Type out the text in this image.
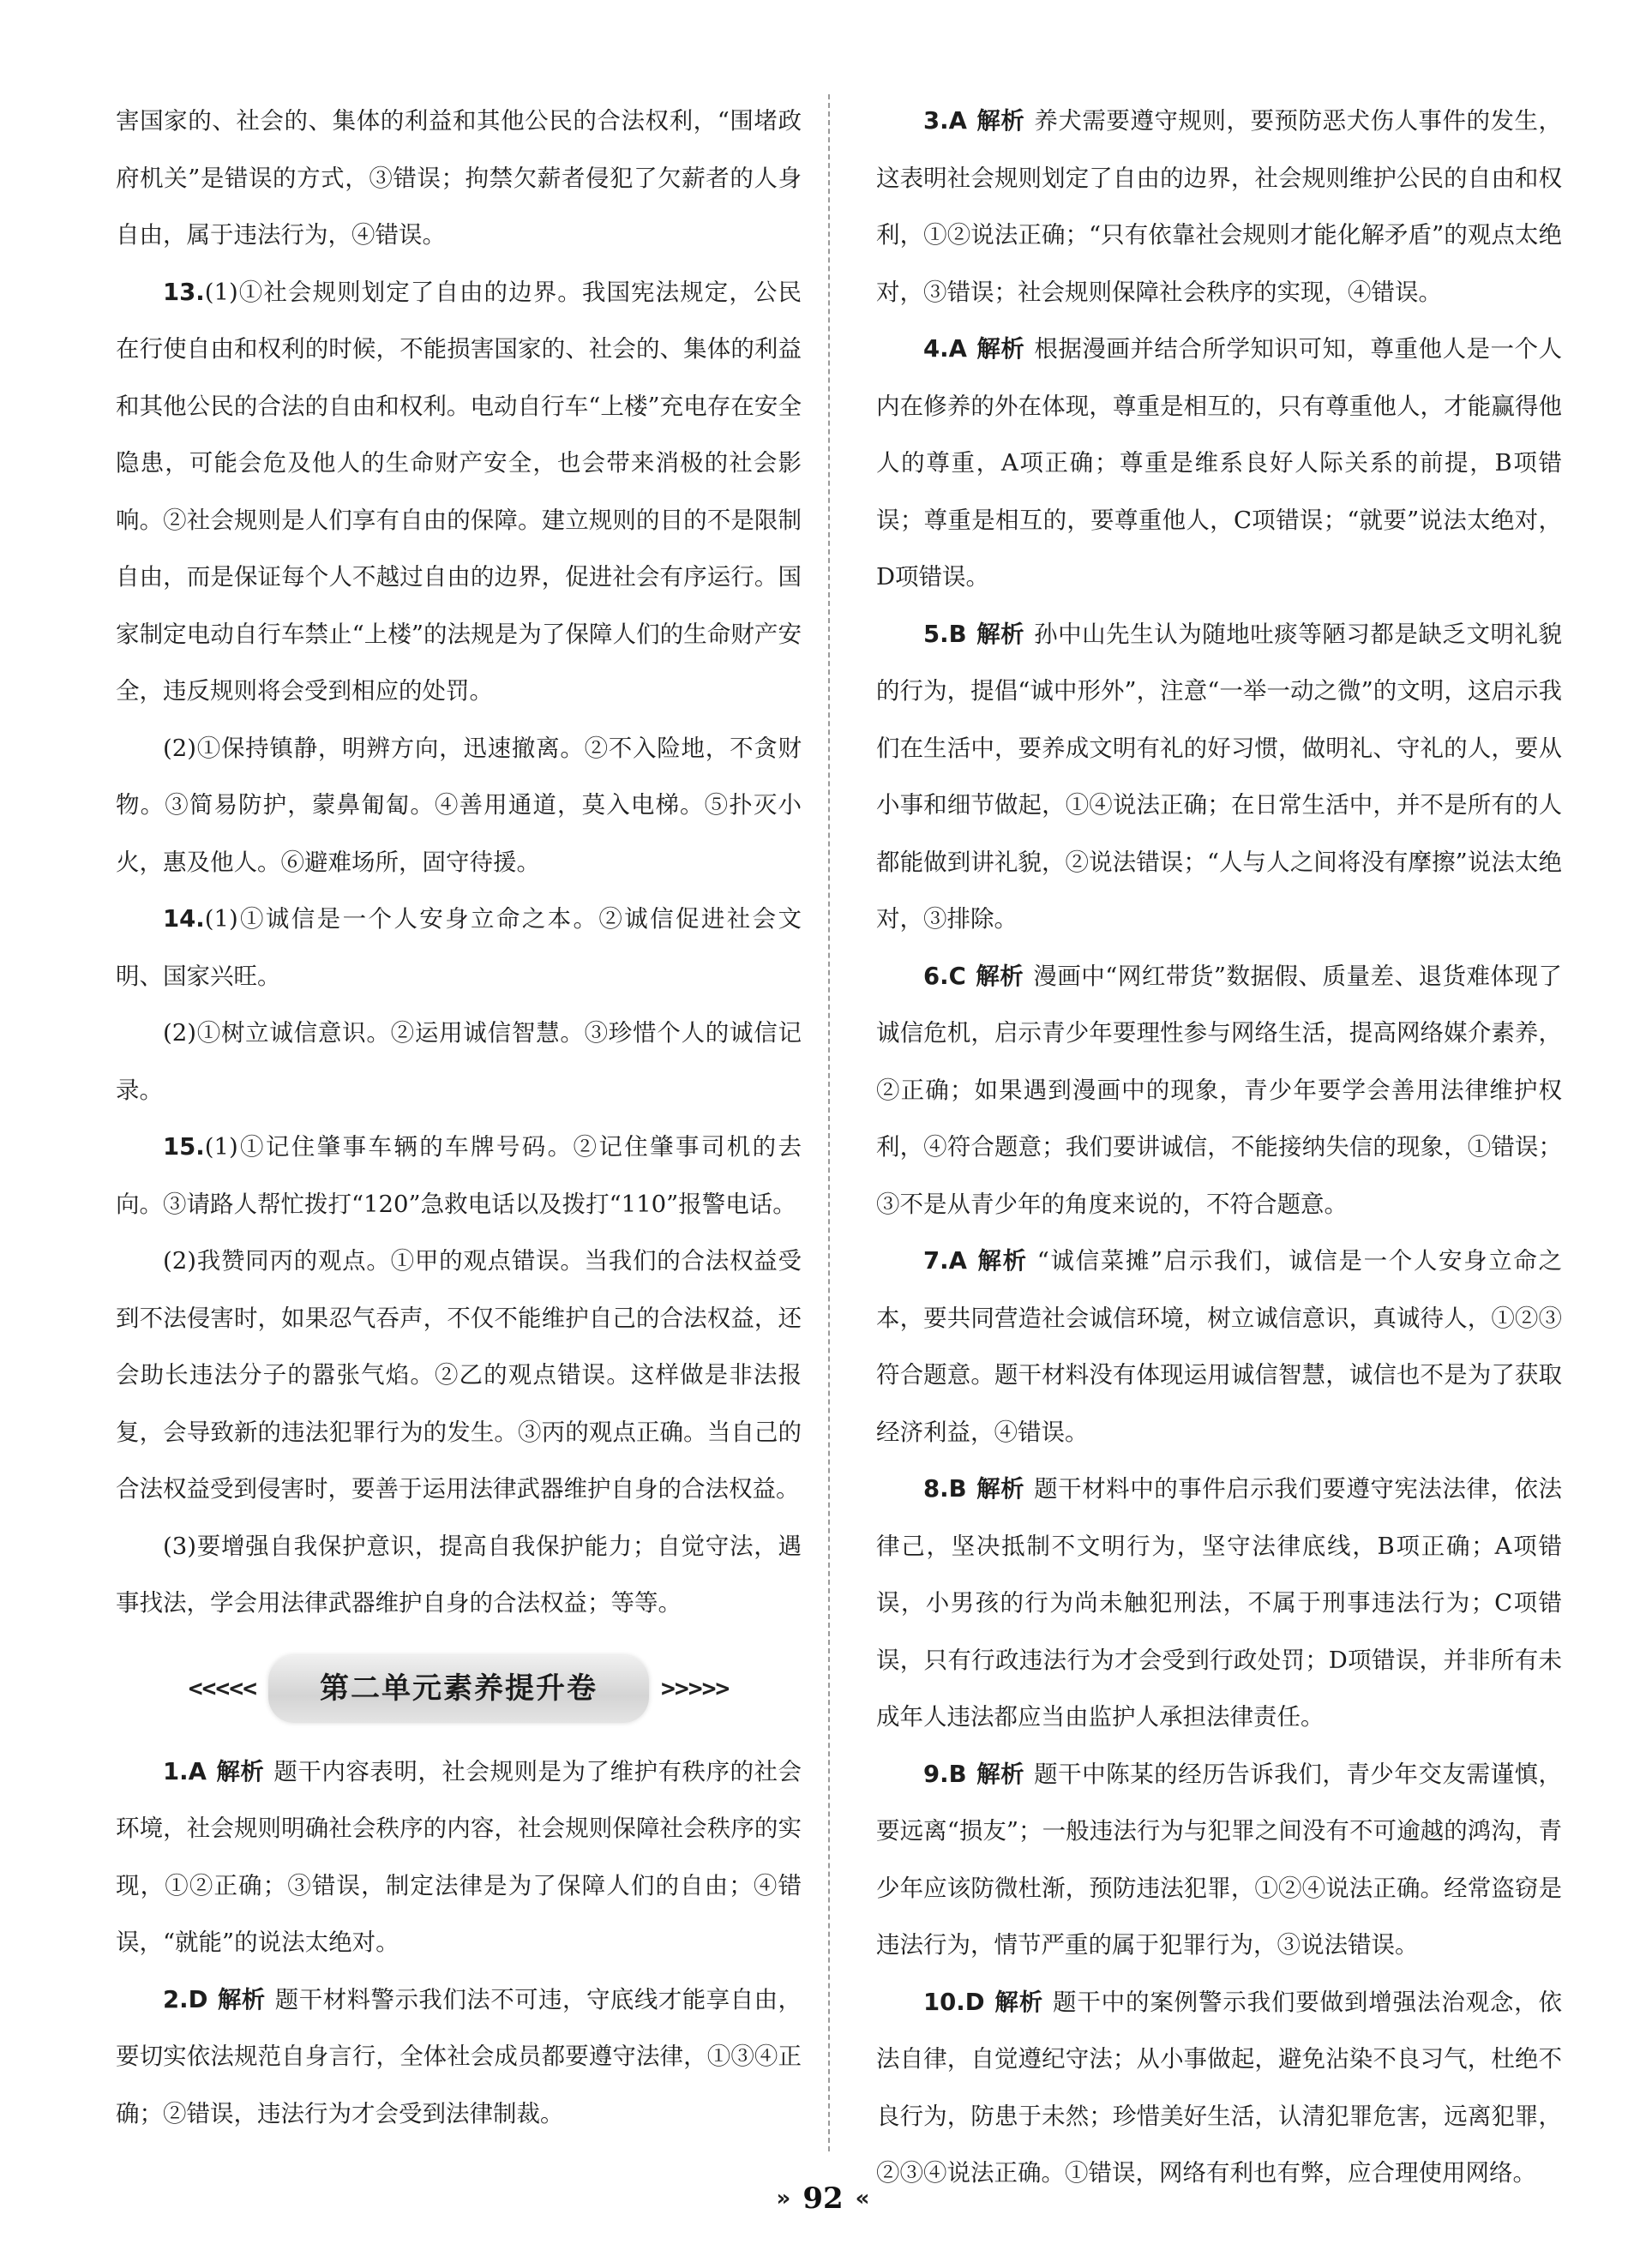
害国家的、社会的、集体的利益和其他公民的合法权利，“围堵政府机关”是错误的方式，③错误；拘禁欠薪者侵犯了欠薪者的人身自由，属于违法行为，④错误。

13.(1)①社会规则划定了自由的边界。我国宪法规定，公民在行使自由和权利的时候，不能损害国家的、社会的、集体的利益和其他公民的合法的自由和权利。电动自行车“上楼”充电存在安全隐患，可能会危及他人的生命财产安全，也会带来消极的社会影响。②社会规则是人们享有自由的保障。建立规则的目的不是限制自由，而是保证每个人不越过自由的边界，促进社会有序运行。国家制定电动自行车禁止“上楼”的法规是为了保障人们的生命财产安全，违反规则将会受到相应的处罚。

(2)①保持镇静，明辨方向，迅速撤离。②不入险地，不贪财物。③简易防护，蒙鼻匍匐。④善用通道，莫入电梯。⑤扑灭小火，惠及他人。⑥避难场所，固守待援。

14.(1)①诚信是一个人安身立命之本。②诚信促进社会文明、国家兴旺。

(2)①树立诚信意识。②运用诚信智慧。③珍惜个人的诚信记录。

15.(1)①记住肇事车辆的车牌号码。②记住肇事司机的去向。③请路人帮忙拨打“120”急救电话以及拨打“110”报警电话。

(2)我赞同丙的观点。①甲的观点错误。当我们的合法权益受到不法侵害时，如果忍气吞声，不仅不能维护自己的合法权益，还会助长违法分子的嚣张气焰。②乙的观点错误。这样做是非法报复，会导致新的违法犯罪行为的发生。③丙的观点正确。当自己的合法权益受到侵害时，要善于运用法律武器维护自身的合法权益。

(3)要增强自我保护意识，提高自我保护能力；自觉守法，遇事找法，学会用法律武器维护自身的合法权益；等等。

<<<<<	第二单元素养提升卷	>>>>>

1.A 解析 题干内容表明，社会规则是为了维护有秩序的社会环境，社会规则明确社会秩序的内容，社会规则保障社会秩序的实现，①②正确；③错误，制定法律是为了保障人们的自由；④错误，“就能”的说法太绝对。

2.D 解析 题干材料警示我们法不可违，守底线才能享自由，要切实依法规范自身言行，全体社会成员都要遵守法律，①③④正确；②错误，违法行为才会受到法律制裁。

3.A 解析 养犬需要遵守规则，要预防恶犬伤人事件的发生，这表明社会规则划定了自由的边界，社会规则维护公民的自由和权利，①②说法正确；“只有依靠社会规则才能化解矛盾”的观点太绝对，③错误；社会规则保障社会秩序的实现，④错误。

4.A 解析 根据漫画并结合所学知识可知，尊重他人是一个人内在修养的外在体现，尊重是相互的，只有尊重他人，才能赢得他人的尊重，A项正确；尊重是维系良好人际关系的前提，B项错误；尊重是相互的，要尊重他人，C项错误；“就要”说法太绝对，D项错误。

5.B 解析 孙中山先生认为随地吐痰等陋习都是缺乏文明礼貌的行为，提倡“诚中形外”，注意“一举一动之微”的文明，这启示我们在生活中，要养成文明有礼的好习惯，做明礼、守礼的人，要从小事和细节做起，①④说法正确；在日常生活中，并不是所有的人都能做到讲礼貌，②说法错误；“人与人之间将没有摩擦”说法太绝对，③排除。

6.C 解析 漫画中“网红带货”数据假、质量差、退货难体现了诚信危机，启示青少年要理性参与网络生活，提高网络媒介素养，②正确；如果遇到漫画中的现象，青少年要学会善用法律维护权利，④符合题意；我们要讲诚信，不能接纳失信的现象，①错误；③不是从青少年的角度来说的，不符合题意。

7.A 解析 “诚信菜摊”启示我们，诚信是一个人安身立命之本，要共同营造社会诚信环境，树立诚信意识，真诚待人，①②③符合题意。题干材料没有体现运用诚信智慧，诚信也不是为了获取经济利益，④错误。

8.B 解析 题干材料中的事件启示我们要遵守宪法法律，依法律己，坚决抵制不文明行为，坚守法律底线，B项正确；A项错误，小男孩的行为尚未触犯刑法，不属于刑事违法行为；C项错误，只有行政违法行为才会受到行政处罚；D项错误，并非所有未成年人违法都应当由监护人承担法律责任。

9.B 解析 题干中陈某的经历告诉我们，青少年交友需谨慎，要远离“损友”；一般违法行为与犯罪之间没有不可逾越的鸿沟，青少年应该防微杜渐，预防违法犯罪，①②④说法正确。经常盗窃是违法行为，情节严重的属于犯罪行为，③说法错误。

10.D 解析 题干中的案例警示我们要做到增强法治观念，依法自律，自觉遵纪守法；从小事做起，避免沾染不良习气，杜绝不良行为，防患于未然；珍惜美好生活，认清犯罪危害，远离犯罪，②③④说法正确。①错误，网络有利也有弊，应合理使用网络。

» 92 «
